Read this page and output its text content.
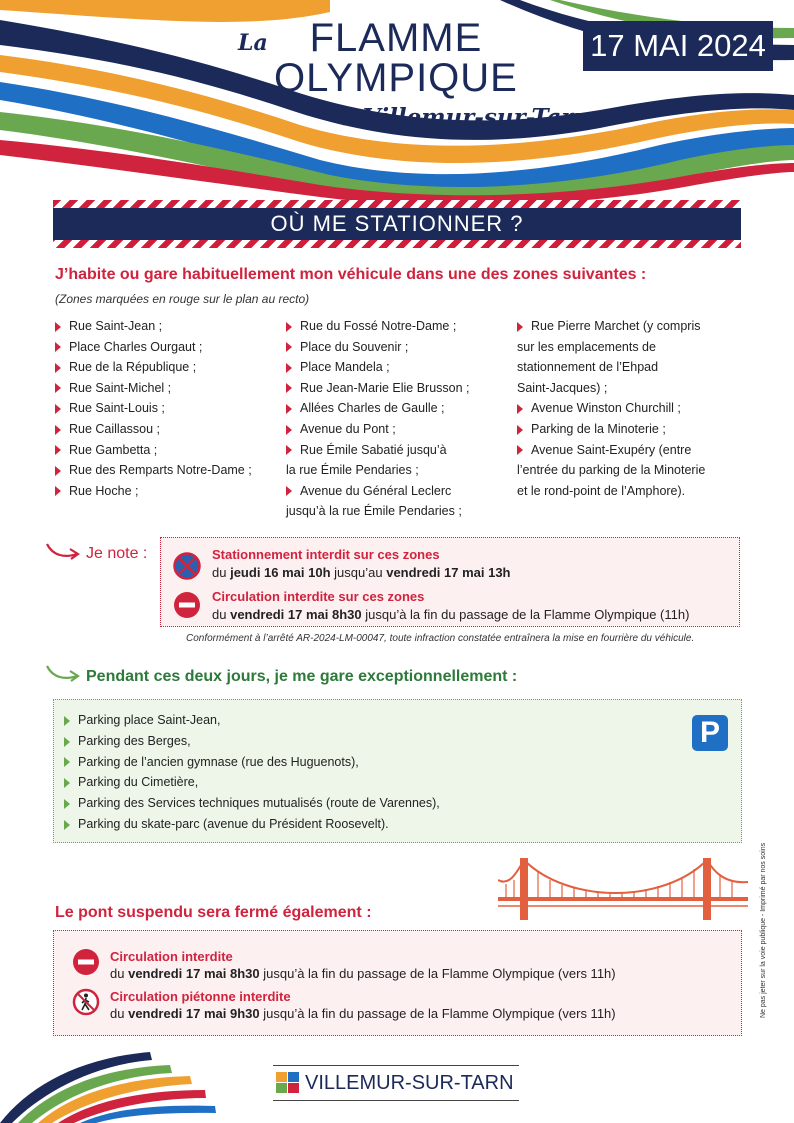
La	FLAMME
OLYMPIQUE
à Villemur-sur-Tarn
17 MAI 2024
OÙ ME STATIONNER ?
J’habite ou gare habituellement mon véhicule dans une des zones suivantes :
(Zones marquées en rouge sur le plan au recto)
Rue Saint-Jean ;
Place Charles Ourgaut ;
Rue de la République ;
Rue Saint-Michel ;
Rue Saint-Louis ;
Rue Caillassou ;
Rue Gambetta ;
Rue des Remparts Notre-Dame ;
Rue Hoche ;
Rue du Fossé Notre-Dame ;
Place du Souvenir ;
Place Mandela ;
Rue Jean-Marie Elie Brusson ;
Allées Charles de Gaulle ;
Avenue du Pont ;
Rue Émile Sabatié jusqu’à
la rue Émile Pendaries ;
Avenue du Général Leclerc
jusqu’à la rue Émile Pendaries ;
Rue Pierre Marchet (y compris
sur les emplacements de
stationnement de l’Ehpad
Saint-Jacques) ;
Avenue Winston Churchill ;
Parking de la Minoterie ;
Avenue Saint-Exupéry (entre
l’entrée du parking de la Minoterie
et le rond-point de l’Amphore).
Je note :	Stationnement interdit sur ces zones
du jeudi 16 mai 10h jusqu’au vendredi 17 mai 13h
Circulation interdite sur ces zones
du vendredi 17 mai 8h30 jusqu’à la fin du passage de la Flamme Olympique (11h)
Conformément à l’arrêté AR-2024-LM-00047, toute infraction constatée entraînera la mise en fourrière du véhicule.
Pendant ces deux jours, je me gare exceptionnellement :
Parking place Saint-Jean,
Parking des Berges,
Parking de l’ancien gymnase (rue des Huguenots),
Parking du Cimetière,
Parking des Services techniques mutualisés (route de Varennes),
Parking du skate-parc (avenue du Président Roosevelt).
P
Le pont suspendu sera fermé également :
Circulation interdite
du vendredi 17 mai 8h30 jusqu’à la fin du passage de la Flamme Olympique (vers 11h)
Circulation piétonne interdite
du vendredi 17 mai 9h30 jusqu’à la fin du passage de la Flamme Olympique (vers 11h)	Ne pas jeter sur la voie publique - Imprimé par nos soins
VILLEMUR-SUR-TARN
